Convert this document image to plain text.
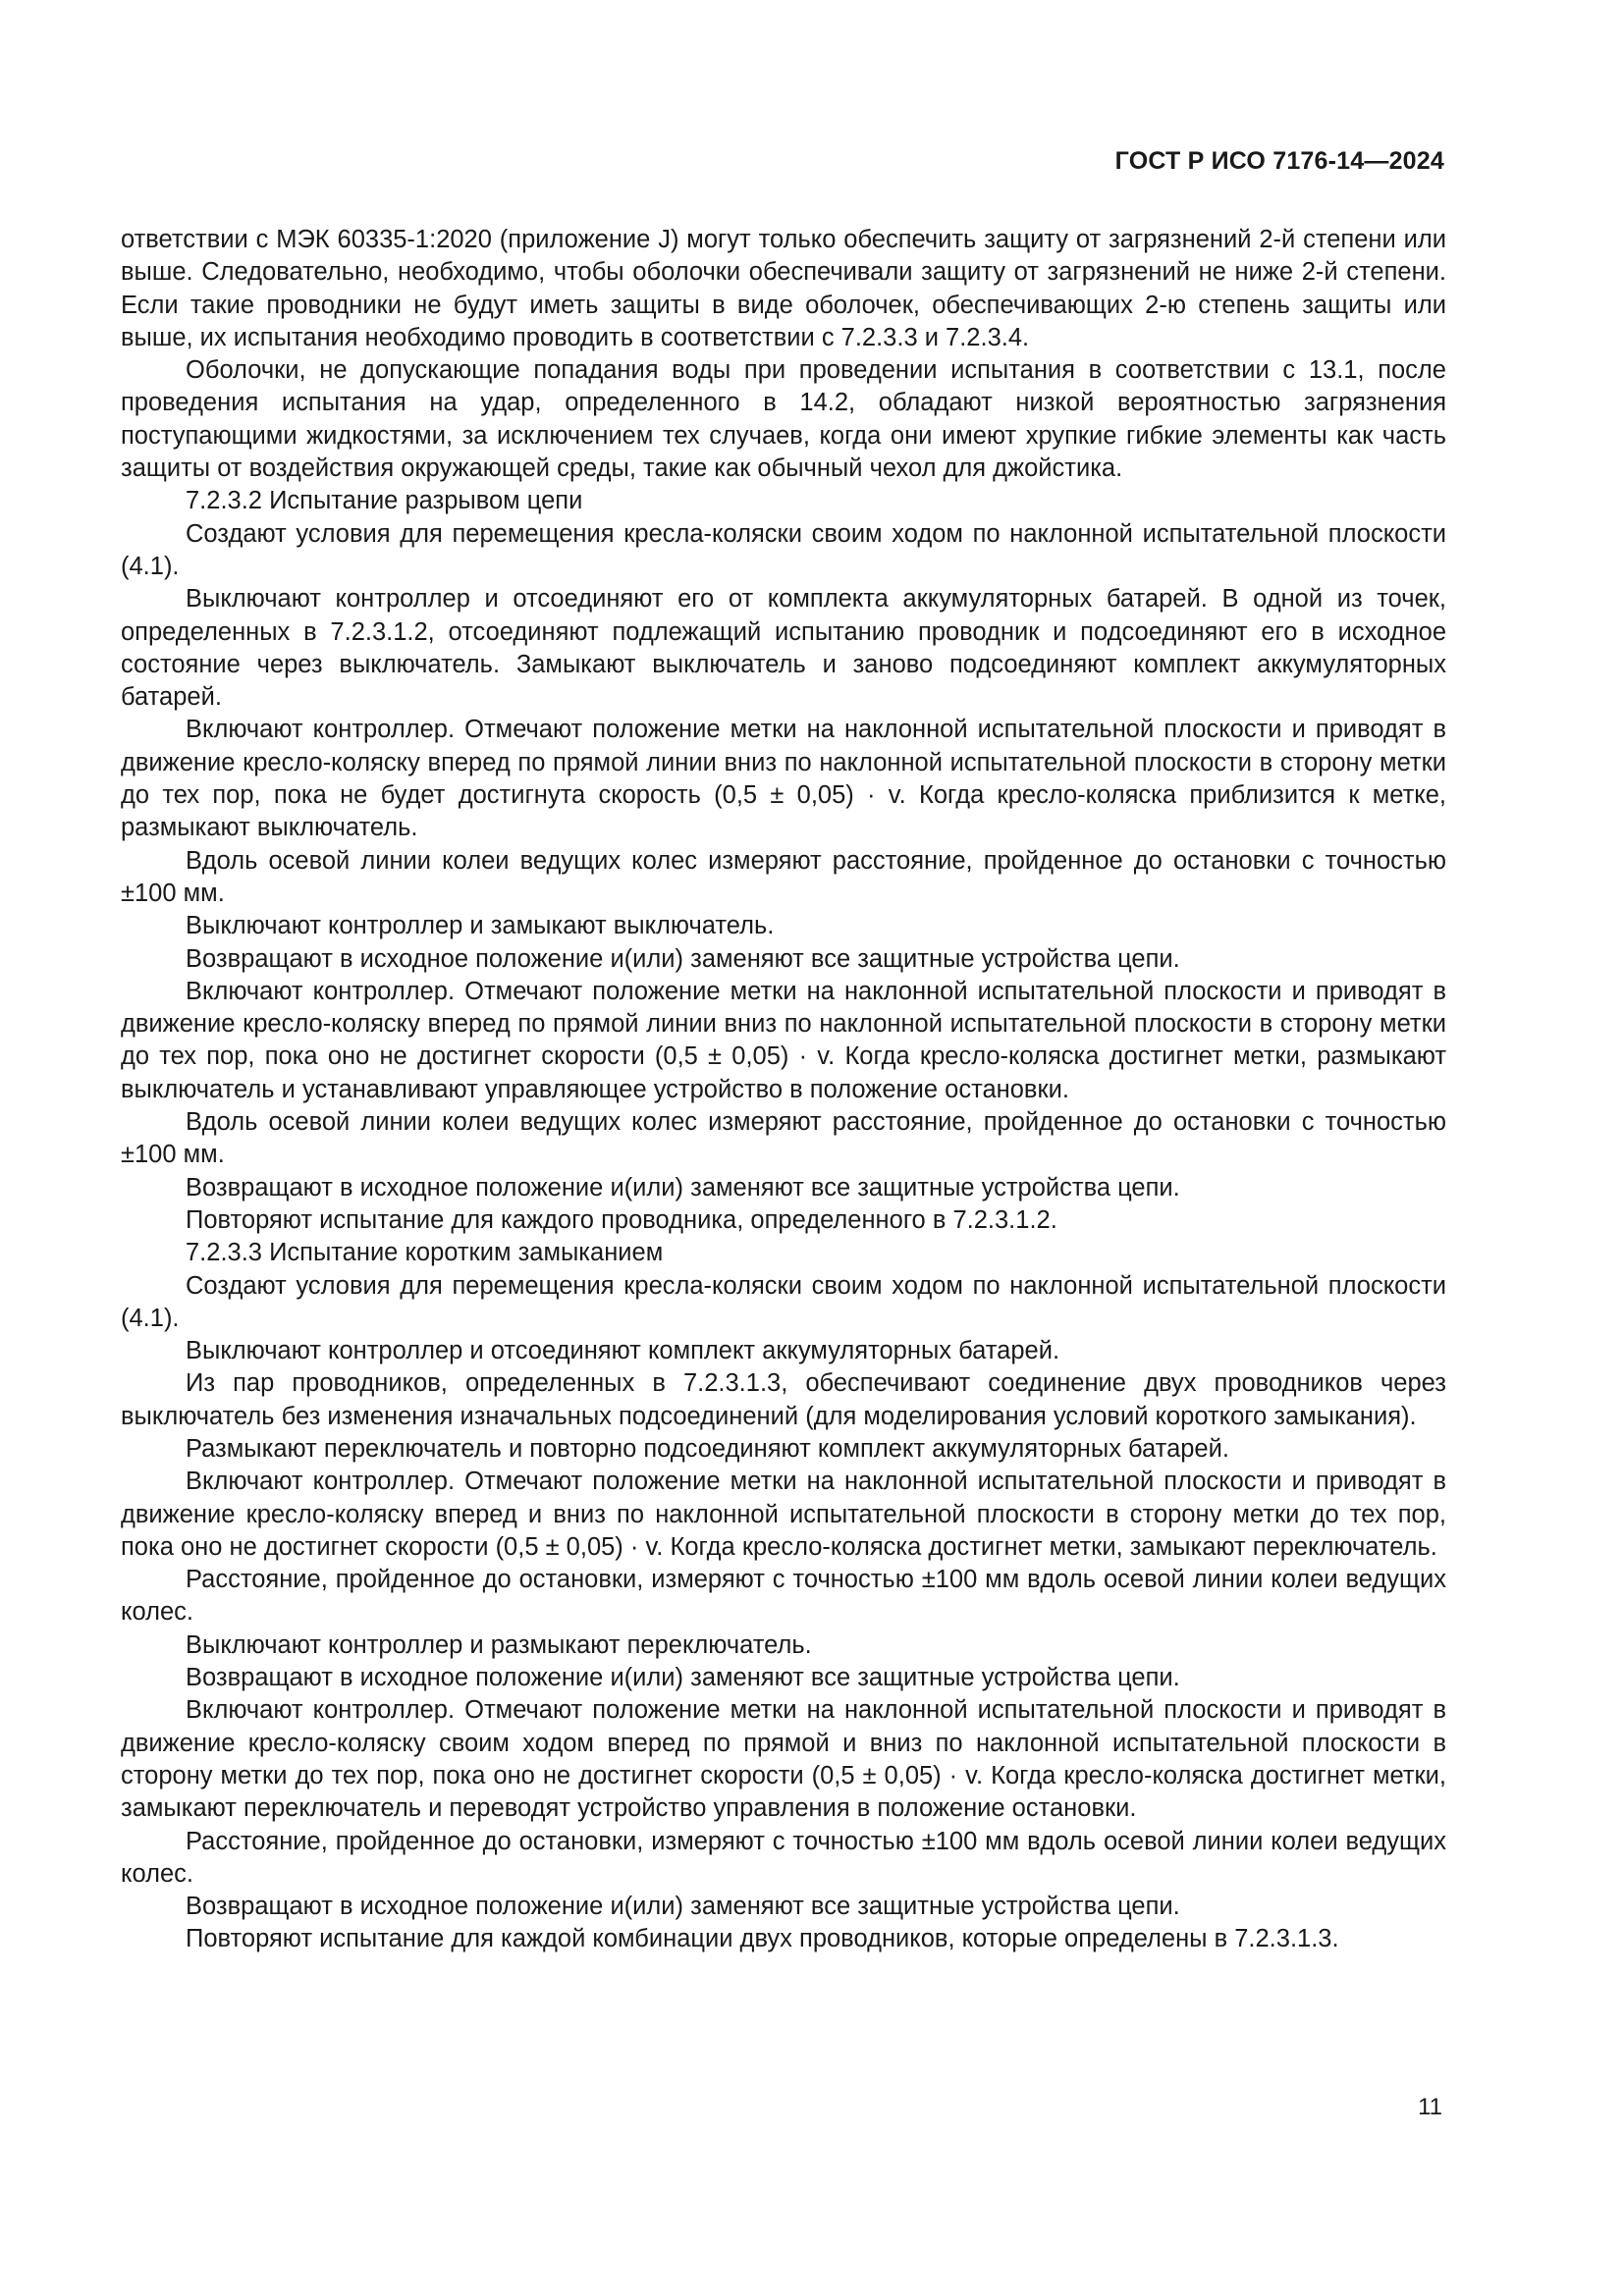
ГОСТ Р ИСО 7176-14—2024

ответствии с МЭК 60335-1:2020 (приложение J) могут только обеспечить защиту от загрязнений 2-й степени или выше. Следовательно, необходимо, чтобы оболочки обеспечивали защиту от загрязнений не ниже 2-й степени. Если такие проводники не будут иметь защиты в виде оболочек, обеспечивающих 2-ю степень защиты или выше, их испытания необходимо проводить в соответствии с 7.2.3.3 и 7.2.3.4.

Оболочки, не допускающие попадания воды при проведении испытания в соответствии с 13.1, после проведения испытания на удар, определенного в 14.2, обладают низкой вероятностью загрязнения поступающими жидкостями, за исключением тех случаев, когда они имеют хрупкие гибкие элементы как часть защиты от воздействия окружающей среды, такие как обычный чехол для джойстика.

7.2.3.2 Испытание разрывом цепи

Создают условия для перемещения кресла-коляски своим ходом по наклонной испытательной плоскости (4.1).

Выключают контроллер и отсоединяют его от комплекта аккумуляторных батарей. В одной из точек, определенных в 7.2.3.1.2, отсоединяют подлежащий испытанию проводник и подсоединяют его в исходное состояние через выключатель. Замыкают выключатель и заново подсоединяют комплект аккумуляторных батарей.

Включают контроллер. Отмечают положение метки на наклонной испытательной плоскости и приводят в движение кресло-коляску вперед по прямой линии вниз по наклонной испытательной плоскости в сторону метки до тех пор, пока не будет достигнута скорость (0,5 ± 0,05) · v. Когда кресло-коляска приблизится к метке, размыкают выключатель.

Вдоль осевой линии колеи ведущих колес измеряют расстояние, пройденное до остановки с точностью ±100 мм.

Выключают контроллер и замыкают выключатель.

Возвращают в исходное положение и(или) заменяют все защитные устройства цепи.

Включают контроллер. Отмечают положение метки на наклонной испытательной плоскости и приводят в движение кресло-коляску вперед по прямой линии вниз по наклонной испытательной плоскости в сторону метки до тех пор, пока оно не достигнет скорости (0,5 ± 0,05) · v. Когда кресло-коляска достигнет метки, размыкают выключатель и устанавливают управляющее устройство в положение остановки.

Вдоль осевой линии колеи ведущих колес измеряют расстояние, пройденное до остановки с точностью ±100 мм.

Возвращают в исходное положение и(или) заменяют все защитные устройства цепи.

Повторяют испытание для каждого проводника, определенного в 7.2.3.1.2.

7.2.3.3 Испытание коротким замыканием

Создают условия для перемещения кресла-коляски своим ходом по наклонной испытательной плоскости (4.1).

Выключают контроллер и отсоединяют комплект аккумуляторных батарей.

Из пар проводников, определенных в 7.2.3.1.3, обеспечивают соединение двух проводников через выключатель без изменения изначальных подсоединений (для моделирования условий короткого замыкания).

Размыкают переключатель и повторно подсоединяют комплект аккумуляторных батарей.

Включают контроллер. Отмечают положение метки на наклонной испытательной плоскости и приводят в движение кресло-коляску вперед и вниз по наклонной испытательной плоскости в сторону метки до тех пор, пока оно не достигнет скорости (0,5 ± 0,05) · v. Когда кресло-коляска достигнет метки, замыкают переключатель.

Расстояние, пройденное до остановки, измеряют с точностью ±100 мм вдоль осевой линии колеи ведущих колес.

Выключают контроллер и размыкают переключатель.

Возвращают в исходное положение и(или) заменяют все защитные устройства цепи.

Включают контроллер. Отмечают положение метки на наклонной испытательной плоскости и приводят в движение кресло-коляску своим ходом вперед по прямой и вниз по наклонной испытательной плоскости в сторону метки до тех пор, пока оно не достигнет скорости (0,5 ± 0,05) · v. Когда кресло-коляска достигнет метки, замыкают переключатель и переводят устройство управления в положение остановки.

Расстояние, пройденное до остановки, измеряют с точностью ±100 мм вдоль осевой линии колеи ведущих колес.

Возвращают в исходное положение и(или) заменяют все защитные устройства цепи.

Повторяют испытание для каждой комбинации двух проводников, которые определены в 7.2.3.1.3.

11
